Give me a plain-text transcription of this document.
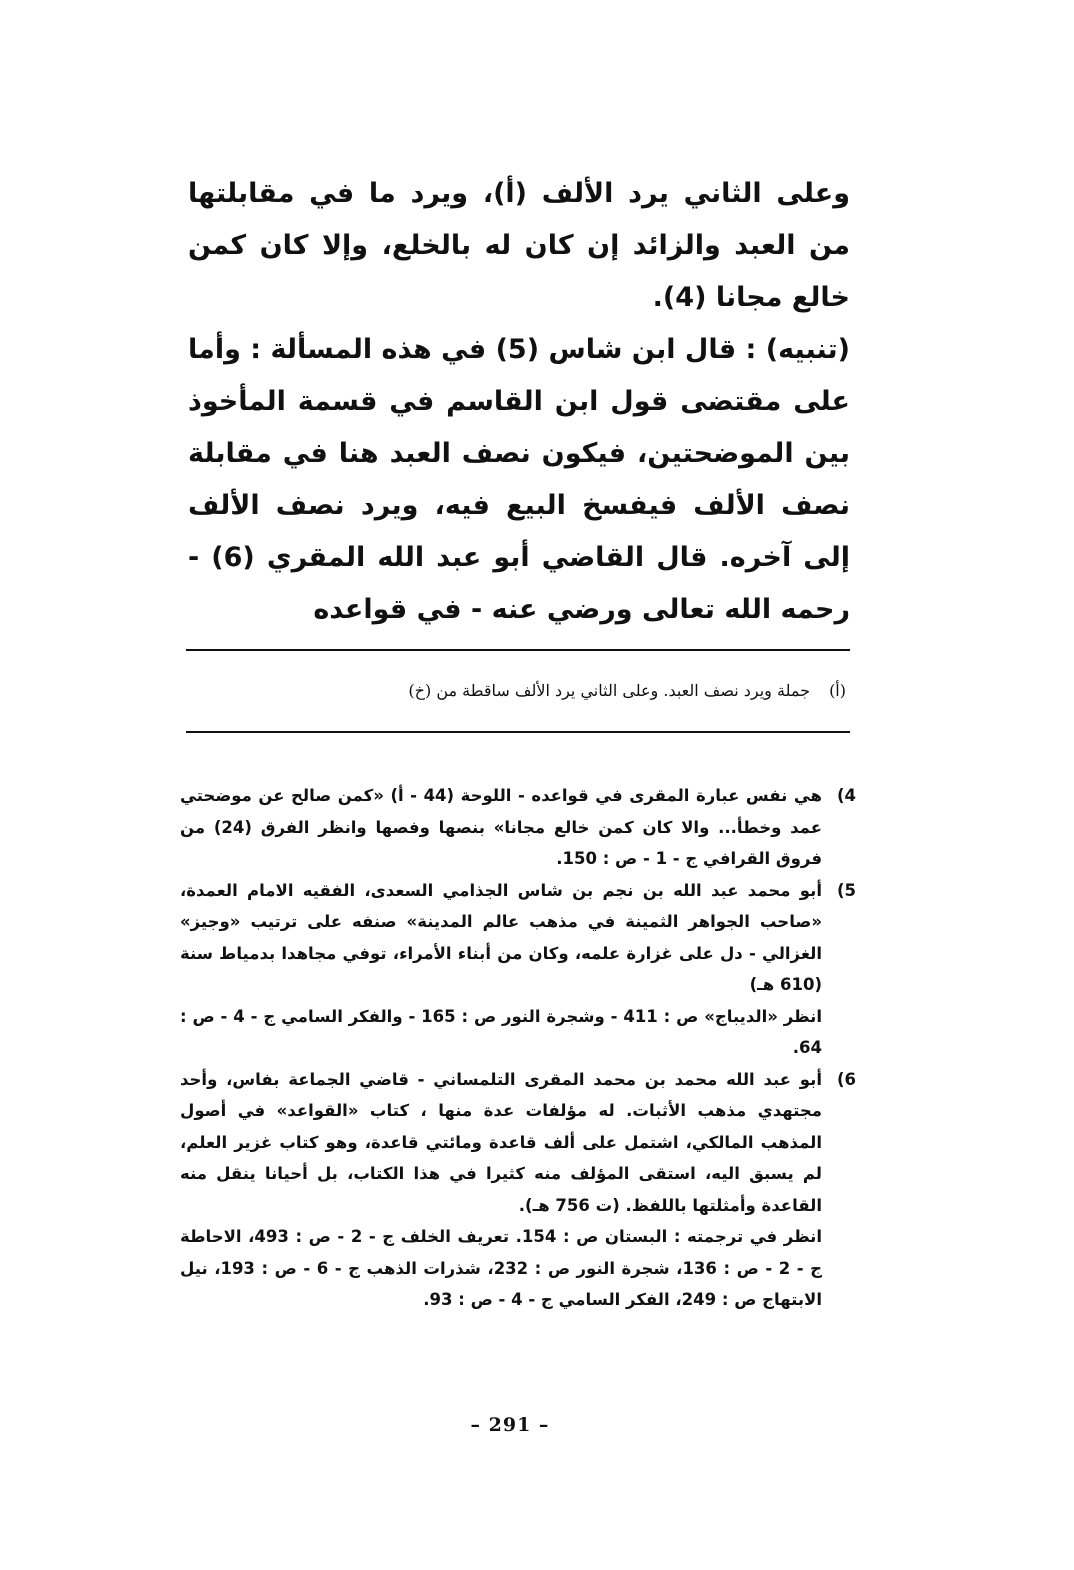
وعلى الثاني يرد الألف (أ)، ويرد ما في مقابلتها من العبد والزائد إن كان له بالخلع، وإلا كان كمن خالع مجانا (4).

(تنبيه) : قال ابن شاس (5) في هذه المسألة : وأما على مقتضى قول ابن القاسم في قسمة المأخوذ بين الموضحتين، فيكون نصف العبد هنا في مقابلة نصف الألف فيفسخ البيع فيه، ويرد نصف الألف إلى آخره. قال القاضي أبو عبد الله المقري (6) - رحمه الله تعالى ورضي عنه - في قواعده

(أ)جملة ويرد نصف العبد. وعلى الثاني يرد الألف ساقطة من (خ)
4)

هي نفس عبارة المقرى في قواعده - اللوحة (44 - أ) «كمن صالح عن موضحتي عمد وخطأ... والا كان كمن خالع مجانا» بنصها وفصها وانظر الفرق (24) من فروق القرافي ج - 1 - ص : 150.

5)

أبو محمد عبد الله بن نجم بن شاس الجذامي السعدى، الفقيه الامام العمدة، «صاحب الجواهر الثمينة في مذهب عالم المدينة» صنفه على ترتيب «وجيز» الغزالي - دل على غزارة علمه، وكان من أبناء الأمراء، توفي مجاهدا بدمياط سنة (610 هـ)

انظر «الديباج» ص : 411 - وشجرة النور ص : 165 - والفكر السامي ج - 4 - ص : 64.

6)

أبو عبد الله محمد بن محمد المقرى التلمساني - قاضي الجماعة بفاس، وأحد مجتهدي مذهب الأثبات. له مؤلفات عدة منها ، كتاب «القواعد» في أصول المذهب المالكي، اشتمل على ألف قاعدة ومائتي قاعدة، وهو كتاب غزير العلم، لم يسبق اليه، استقى المؤلف منه كثيرا في هذا الكتاب، بل أحيانا ينقل منه القاعدة وأمثلتها باللفظ. (ت 756 هـ).

انظر في ترجمته : البستان ص : 154. تعريف الخلف ج - 2 - ص : 493، الاحاطة ج - 2 - ص : 136، شجرة النور ص : 232، شذرات الذهب ج - 6 - ص : 193، نيل الابتهاج ص : 249، الفكر السامي ج - 4 - ص : 93.

– 291 –
